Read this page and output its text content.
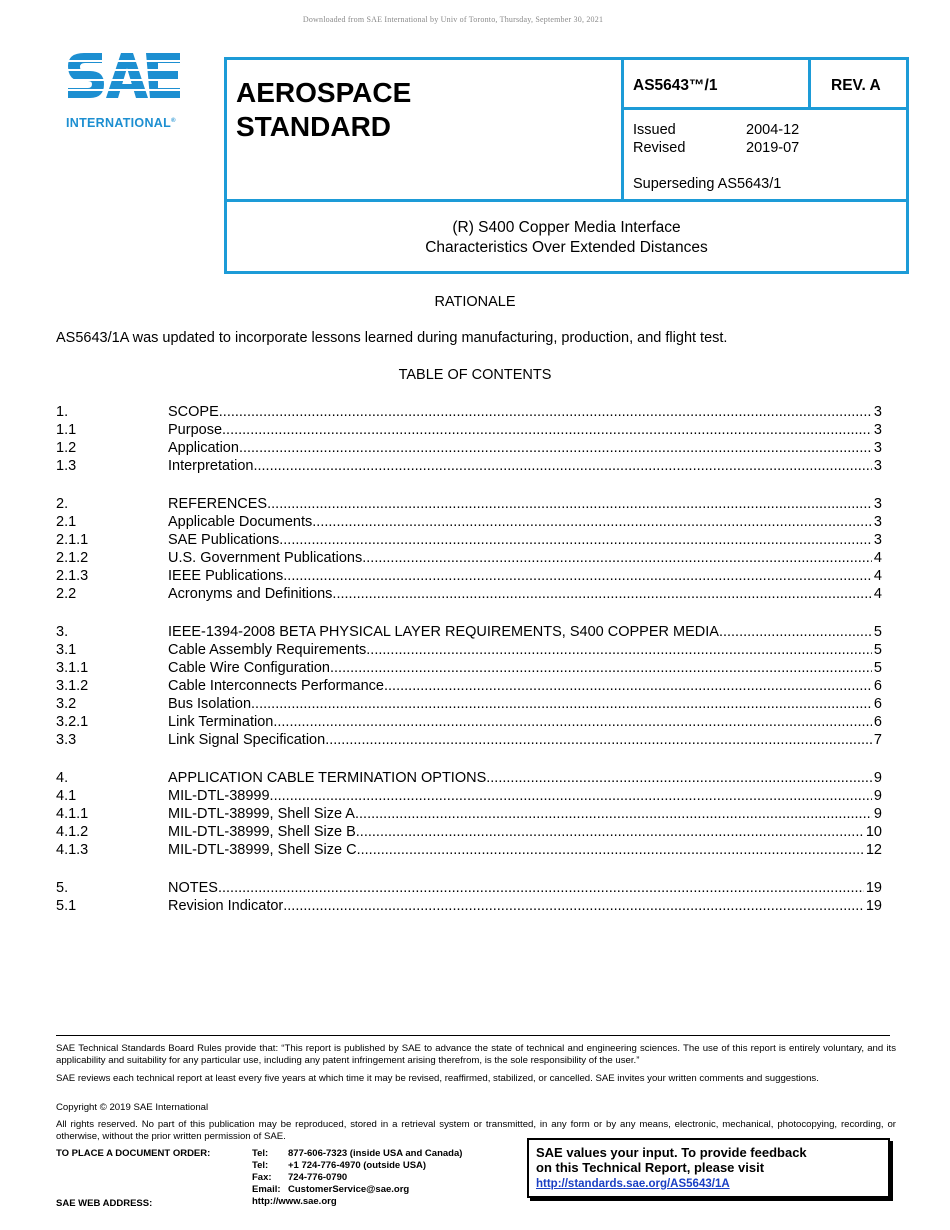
Downloaded from SAE International by Univ of Toronto, Thursday, September 30, 2021
INTERNATIONAL®
AEROSPACE
STANDARD
AS5643™/1	REV. A
Issued	2004-12
Revised	2019-07
Superseding AS5643/1
(R) S400 Copper Media Interface
Characteristics Over Extended Distances
RATIONALE
AS5643/1A was updated to incorporate lessons learned during manufacturing, production, and flight test.
TABLE OF CONTENTS
1.	SCOPE .....	3
1.1	Purpose .....	3
1.2	Application .....	3
1.3	Interpretation .....	3
2.	REFERENCES .....	3
2.1	Applicable Documents .....	3
2.1.1	SAE Publications .....	3
2.1.2	U.S. Government Publications .....	4
2.1.3	IEEE Publications .....	4
2.2	Acronyms and Definitions .....	4
3.	IEEE-1394-2008 BETA PHYSICAL LAYER REQUIREMENTS, S400 COPPER MEDIA .....	5
3.1	Cable Assembly Requirements .....	5
3.1.1	Cable Wire Configuration .....	5
3.1.2	Cable Interconnects Performance .....	6
3.2	Bus Isolation .....	6
3.2.1	Link Termination .....	6
3.3	Link Signal Specification .....	7
4.	APPLICATION CABLE TERMINATION OPTIONS .....	9
4.1	MIL-DTL-38999 .....	9
4.1.1	MIL-DTL-38999, Shell Size A .....	9
4.1.2	MIL-DTL-38999, Shell Size B .....	10
4.1.3	MIL-DTL-38999, Shell Size C .....	12
5.	NOTES .....	19
5.1	Revision Indicator .....	19
SAE Technical Standards Board Rules provide that: “This report is published by SAE to advance the state of technical and engineering sciences. The use of this report is entirely voluntary, and its applicability and suitability for any particular use, including any patent infringement arising therefrom, is the sole responsibility of the user.”
SAE reviews each technical report at least every five years at which time it may be revised, reaffirmed, stabilized, or cancelled. SAE invites your written comments and suggestions.
Copyright © 2019 SAE International
All rights reserved. No part of this publication may be reproduced, stored in a retrieval system or transmitted, in any form or by any means, electronic, mechanical, photocopying, recording, or otherwise, without the prior written permission of SAE.
TO PLACE A DOCUMENT ORDER:
SAE WEB ADDRESS:
Tel: 877-606-7323 (inside USA and Canada)
Tel: +1 724-776-4970 (outside USA)
Fax: 724-776-0790
Email: CustomerService@sae.org
http://www.sae.org
SAE values your input. To provide feedback
on this Technical Report, please visit
http://standards.sae.org/AS5643/1A
